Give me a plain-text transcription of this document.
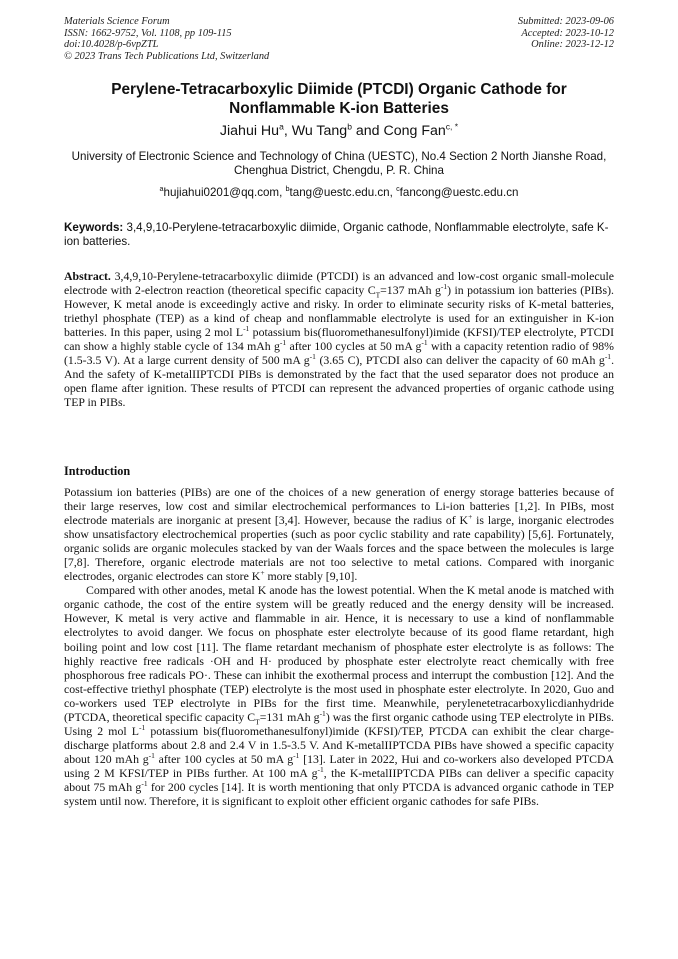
Materials Science Forum
ISSN: 1662-9752, Vol. 1108, pp 109-115
doi:10.4028/p-6vpZTL
© 2023 Trans Tech Publications Ltd, Switzerland
Submitted: 2023-09-06
Accepted: 2023-10-12
Online: 2023-12-12
Perylene-Tetracarboxylic Diimide (PTCDI) Organic Cathode for
Nonflammable K-ion Batteries
Jiahui Hu$^a$, Wu Tang$^b$ and Cong Fan$^{c, *}$
University of Electronic Science and Technology of China (UESTC), No.4 Section 2 North Jianshe Road, Chenghua District, Chengdu, P. R. China
$^a$hujiahui0201@qq.com, $^b$tang@uestc.edu.cn, $^c$fancong@uestc.edu.cn
Keywords: 3,4,9,10-Perylene-tetracarboxylic diimide, Organic cathode, Nonflammable electrolyte, safe K-ion batteries.
Abstract. 3,4,9,10-Perylene-tetracarboxylic diimide (PTCDI) is an advanced and low-cost organic small-molecule electrode with 2-electron reaction (theoretical specific capacity $C_T=137$ mAh $g^{-1}$) in potassium ion batteries (PIBs). However, K metal anode is exceedingly active and risky. In order to eliminate security risks of K-metal batteries, triethyl phosphate (TEP) as a kind of cheap and nonflammable electrolyte is used for an extinguisher in K-ion batteries. In this paper, using 2 mol $L^{-1}$ potassium bis(fluoromethanesulfonyl)imide (KFSI)/TEP electrolyte, PTCDI can show a highly stable cycle of 134 mAh $g^{-1}$ after 100 cycles at 50 mA $g^{-1}$ with a capacity retention radio of 98% (1.5-3.5 V). At a large current density of 500 mA $g^{-1}$ (3.65 C), PTCDI also can deliver the capacity of 60 mAh $g^{-1}$. And the safety of K-metalIIPTCDI PIBs is demonstrated by the fact that the used separator does not produce an open flame after ignition. These results of PTCDI can represent the advanced properties of organic cathode using TEP in PIBs.
Introduction

Potassium ion batteries (PIBs) are one of the choices of a new generation of energy storage batteries because of their large reserves, low cost and similar electrochemical performances to Li-ion batteries [1,2]. In PIBs, most electrode materials are inorganic at present [3,4]. However, because the radius of K+ is large, inorganic electrodes show unsatisfactory electrochemical properties (such as poor cyclic stability and rate capability) [5,6]. Fortunately, organic solids are organic molecules stacked by van der Waals forces and the space between the molecules is large [7,8]. Therefore, organic electrode materials are not too selective to metal cations. Compared with inorganic electrodes, organic electrodes can store K+ more stably [9,10].

Compared with other anodes, metal K anode has the lowest potential. When the K metal anode is matched with organic cathode, the cost of the entire system will be greatly reduced and the energy density will be increased. However, K metal is very active and flammable in air. Hence, it is necessary to use a kind of nonflammable electrolytes to avoid danger. We focus on phosphate ester electrolyte because of its good flame retardant, high boiling point and low cost [11]. The flame retardant mechanism of phosphate ester electrolyte is as follows: The highly reactive free radicals ·OH and H· produced by phosphate ester electrolyte react chemically with free phosphorous free radicals PO·. These can inhibit the exothermal process and interrupt the combustion [12]. And the cost-effective triethyl phosphate (TEP) electrolyte is the most used in phosphate ester electrolyte. In 2020, Guo and co-workers used TEP electrolyte in PIBs for the first time. Meanwhile, perylenetetracarboxylicdianhydride (PTCDA, theoretical specific capacity $C_T=131$ mAh $g^{-1}$) was the first organic cathode using TEP electrolyte in PIBs. Using 2 mol $L^{-1}$ potassium bis(fluoromethanesulfonyl)imide (KFSI)/TEP, PTCDA can exhibit the clear charge-discharge platforms about 2.8 and 2.4 V in 1.5-3.5 V. And K-metalIIPTCDA PIBs have showed a specific capacity about 120 mAh $g^{-1}$ after 100 cycles at 50 mA $g^{-1}$ [13]. Later in 2022, Hui and co-workers also developed PTCDA using 2 M KFSI/TEP in PIBs further. At 100 mA $g^{-1}$, the K-metalIIPTCDA PIBs can deliver a specific capacity about 75 mAh $g^{-1}$ for 200 cycles [14]. It is worth mentioning that only PTCDA is advanced organic cathode in TEP system until now. Therefore, it is significant to exploit other efficient organic cathodes for safe PIBs.
